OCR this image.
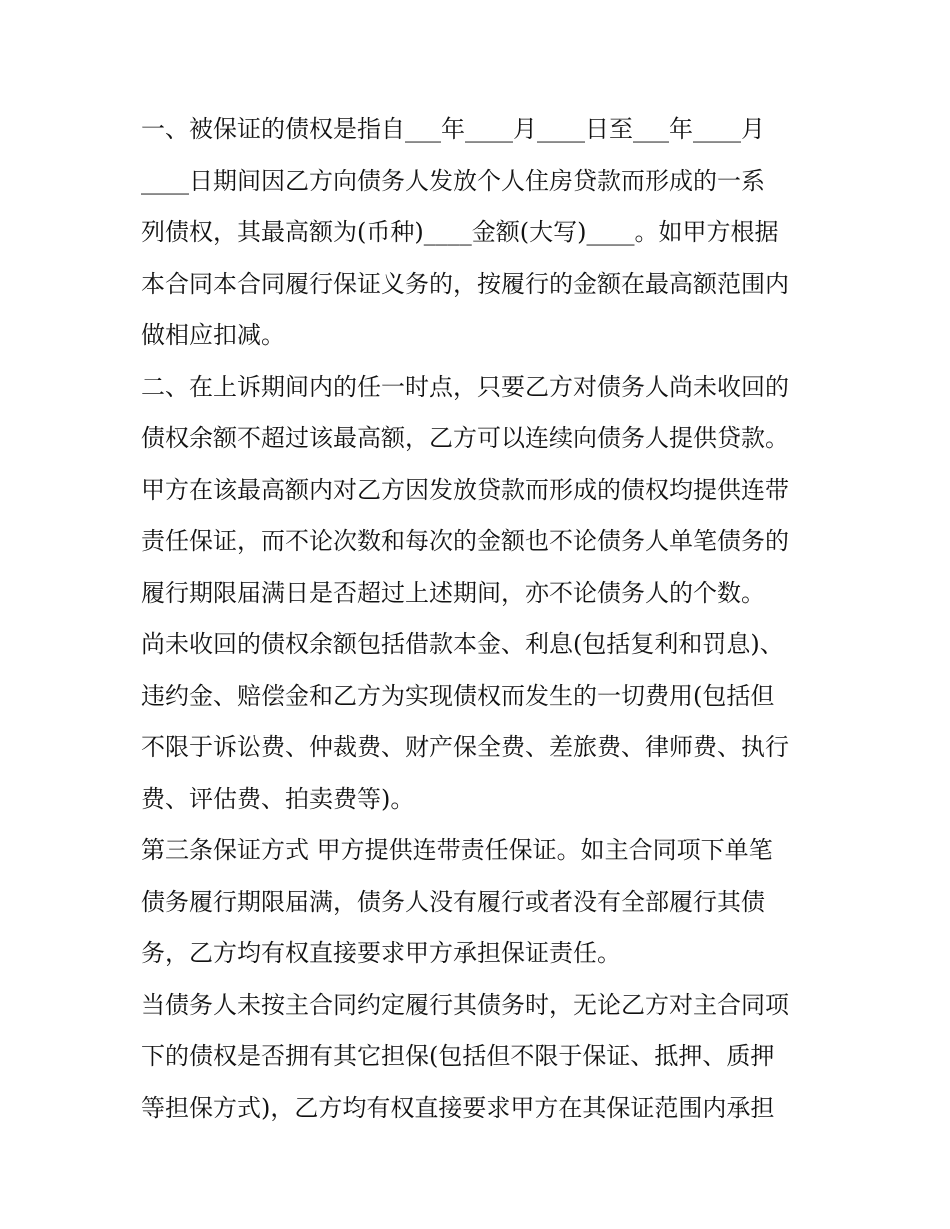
一、被保证的债权是指自___年____月____日至___年____月

____日期间因乙方向债务人发放个人住房贷款而形成的一系

列债权，其最高额为(币种)____金额(大写)____。如甲方根据

本合同本合同履行保证义务的，按履行的金额在最高额范围内

做相应扣减。

二、在上诉期间内的任一时点，只要乙方对债务人尚未收回的

债权余额不超过该最高额，乙方可以连续向债务人提供贷款。

甲方在该最高额内对乙方因发放贷款而形成的债权均提供连带

责任保证，而不论次数和每次的金额也不论债务人单笔债务的

履行期限届满日是否超过上述期间，亦不论债务人的个数。

尚未收回的债权余额包括借款本金、利息(包括复利和罚息)、

违约金、赔偿金和乙方为实现债权而发生的一切费用(包括但

不限于诉讼费、仲裁费、财产保全费、差旅费、律师费、执行

费、评估费、拍卖费等)。

第三条保证方式 甲方提供连带责任保证。如主合同项下单笔

债务履行期限届满，债务人没有履行或者没有全部履行其债

务，乙方均有权直接要求甲方承担保证责任。

当债务人未按主合同约定履行其债务时，无论乙方对主合同项

下的债权是否拥有其它担保(包括但不限于保证、抵押、质押

等担保方式)，乙方均有权直接要求甲方在其保证范围内承担
